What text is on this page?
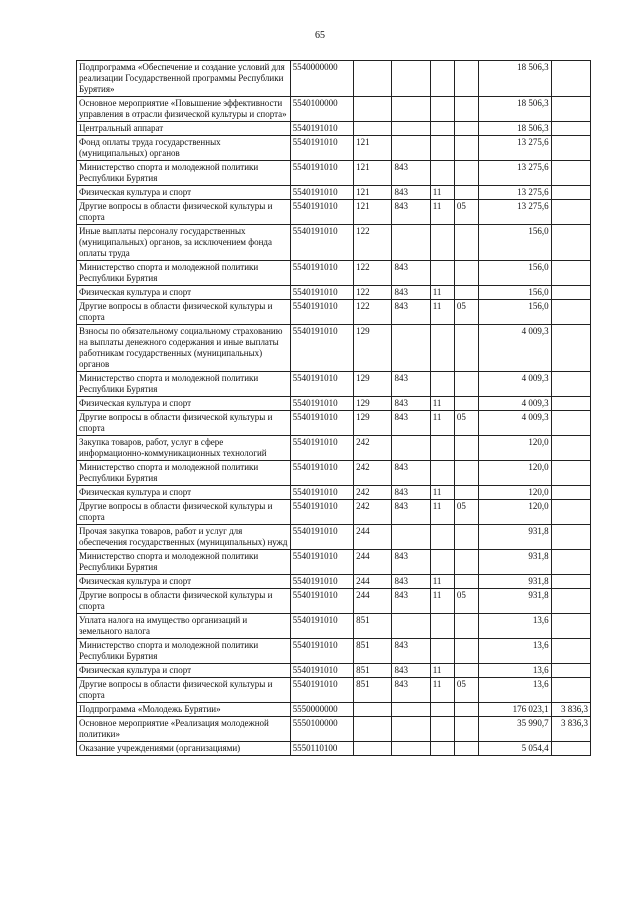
65
Подпрограмма «Обеспечение и создание условий для реализации Государственной программы Республики Бурятия»	5540000000					18 506,3	
Основное мероприятие «Повышение эффективности управления в отрасли физической культуры и спорта»	5540100000					18 506,3	
Центральный аппарат	5540191010					18 506,3	
Фонд оплаты труда государственных (муниципальных) органов	5540191010	121				13 275,6	
Министерство спорта и молодежной политики Республики Бурятия	5540191010	121	843			13 275,6	
Физическая культура и спорт	5540191010	121	843	11		13 275,6	
Другие вопросы в области физической культуры и спорта	5540191010	121	843	11	05	13 275,6	
Иные выплаты персоналу государственных (муниципальных) органов, за исключением фонда оплаты труда	5540191010	122				156,0	
Министерство спорта и молодежной политики Республики Бурятия	5540191010	122	843			156,0	
Физическая культура и спорт	5540191010	122	843	11		156,0	
Другие вопросы в области физической культуры и спорта	5540191010	122	843	11	05	156,0	
Взносы по обязательному социальному страхованию на выплаты денежного содержания и иные выплаты работникам государственных (муниципальных) органов	5540191010	129				4 009,3	
Министерство спорта и молодежной политики Республики Бурятия	5540191010	129	843			4 009,3	
Физическая культура и спорт	5540191010	129	843	11		4 009,3	
Другие вопросы в области физической культуры и спорта	5540191010	129	843	11	05	4 009,3	
Закупка товаров, работ, услуг в сфере информационно-коммуникационных технологий	5540191010	242				120,0	
Министерство спорта и молодежной политики Республики Бурятия	5540191010	242	843			120,0	
Физическая культура и спорт	5540191010	242	843	11		120,0	
Другие вопросы в области физической культуры и спорта	5540191010	242	843	11	05	120,0	
Прочая закупка товаров, работ и услуг для обеспечения государственных (муниципальных) нужд	5540191010	244				931,8	
Министерство спорта и молодежной политики Республики Бурятия	5540191010	244	843			931,8	
Физическая культура и спорт	5540191010	244	843	11		931,8	
Другие вопросы в области физической культуры и спорта	5540191010	244	843	11	05	931,8	
Уплата налога на имущество организаций и земельного налога	5540191010	851				13,6	
Министерство спорта и молодежной политики Республики Бурятия	5540191010	851	843			13,6	
Физическая культура и спорт	5540191010	851	843	11		13,6	
Другие вопросы в области физической культуры и спорта	5540191010	851	843	11	05	13,6	
Подпрограмма «Молодежь Бурятии»	5550000000					176 023,1	3 836,3
Основное мероприятие «Реализация молодежной политики»	5550100000					35 990,7	3 836,3
Оказание учреждениями (организациями)	5550110100					5 054,4	
